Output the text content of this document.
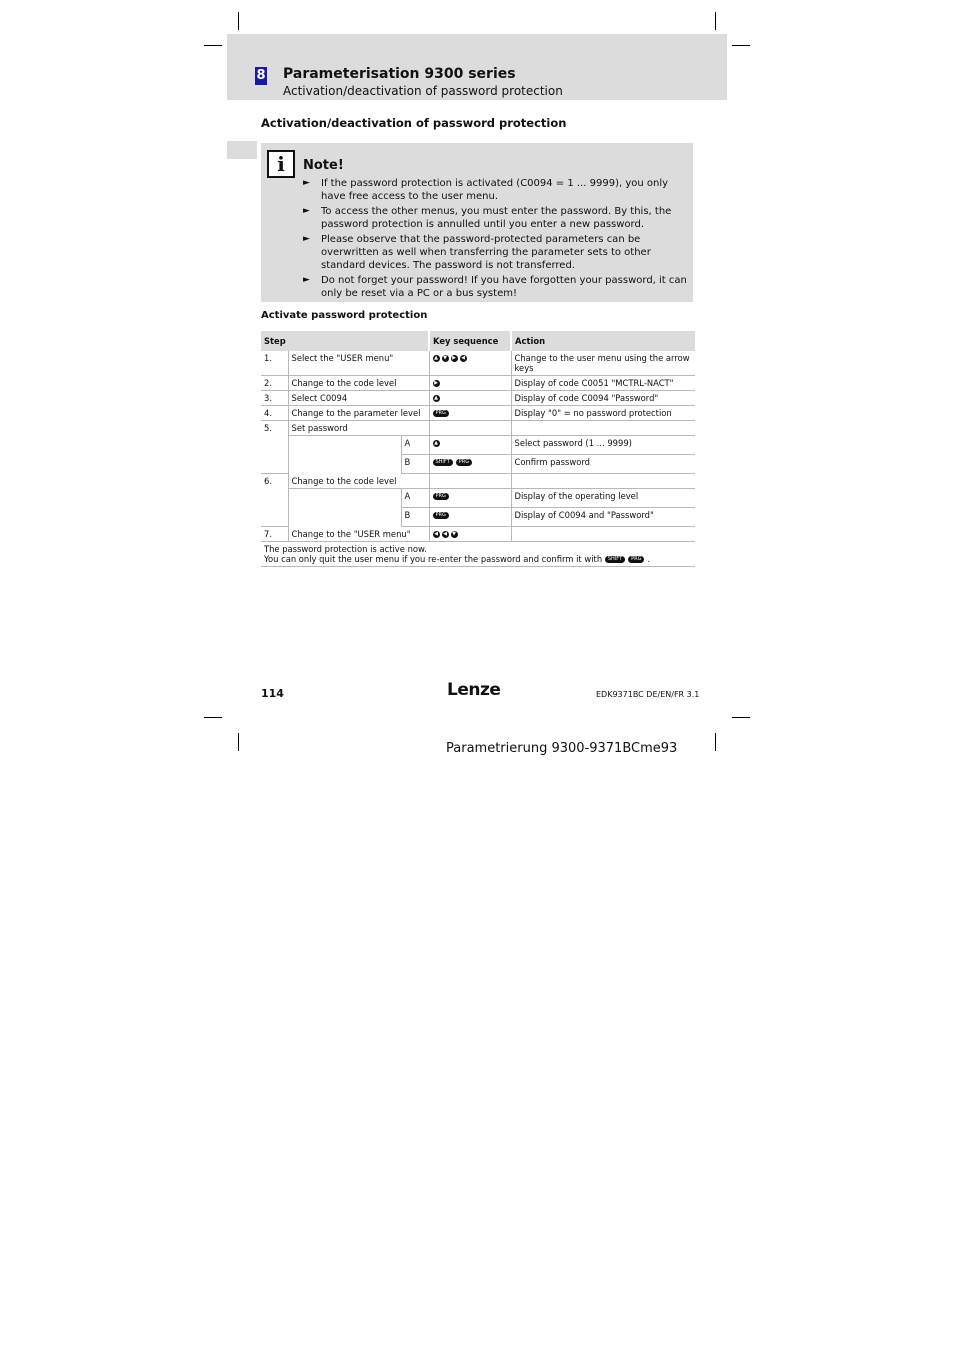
8 Parameterisation 9300 series
Activation/deactivation of password protection
Activation/deactivation of password protection
i	Note!
► If the password protection is activated (C0094 = 1 ... 9999), you only have free access to the user menu.
► To access the other menus, you must enter the password. By this, the password protection is annulled until you enter a new password.
► Please observe that the password-protected parameters can be overwritten as well when transferring the parameter sets to other standard devices. The password is not transferred.
► Do not forget your password! If you have forgotten your password, it can only be reset via a PC or a bus system!
Activate password protection
Step			Key sequence	Action
1.	Select the "USER menu"		▲ ▼ ▶ ◀	Change to the user menu using the arrow keys
2.	Change to the code level		▶	Display of code C0051 "MCTRL-NACT"
3.	Select C0094		▲	Display of code C0094 "Password"
4.	Change to the parameter level		PRG	Display "0" = no password protection
5.	Set password			
		A	▲	Select password (1 ... 9999)
		B	SHIFT PRG	Confirm password
6.	Change to the code level			
		A	PRG	Display of the operating level
		B	PRG	Display of C0094 and "Password"
7.	Change to the "USER menu"		◀ ◀ ▼	

The password protection is active now.
You can only quit the user menu if you re-enter the password and confirm it with SHIFT PRG .				
114	Lenze	EDK9371BC DE/EN/FR 3.1
Parametrierung 9300-9371BCme93
